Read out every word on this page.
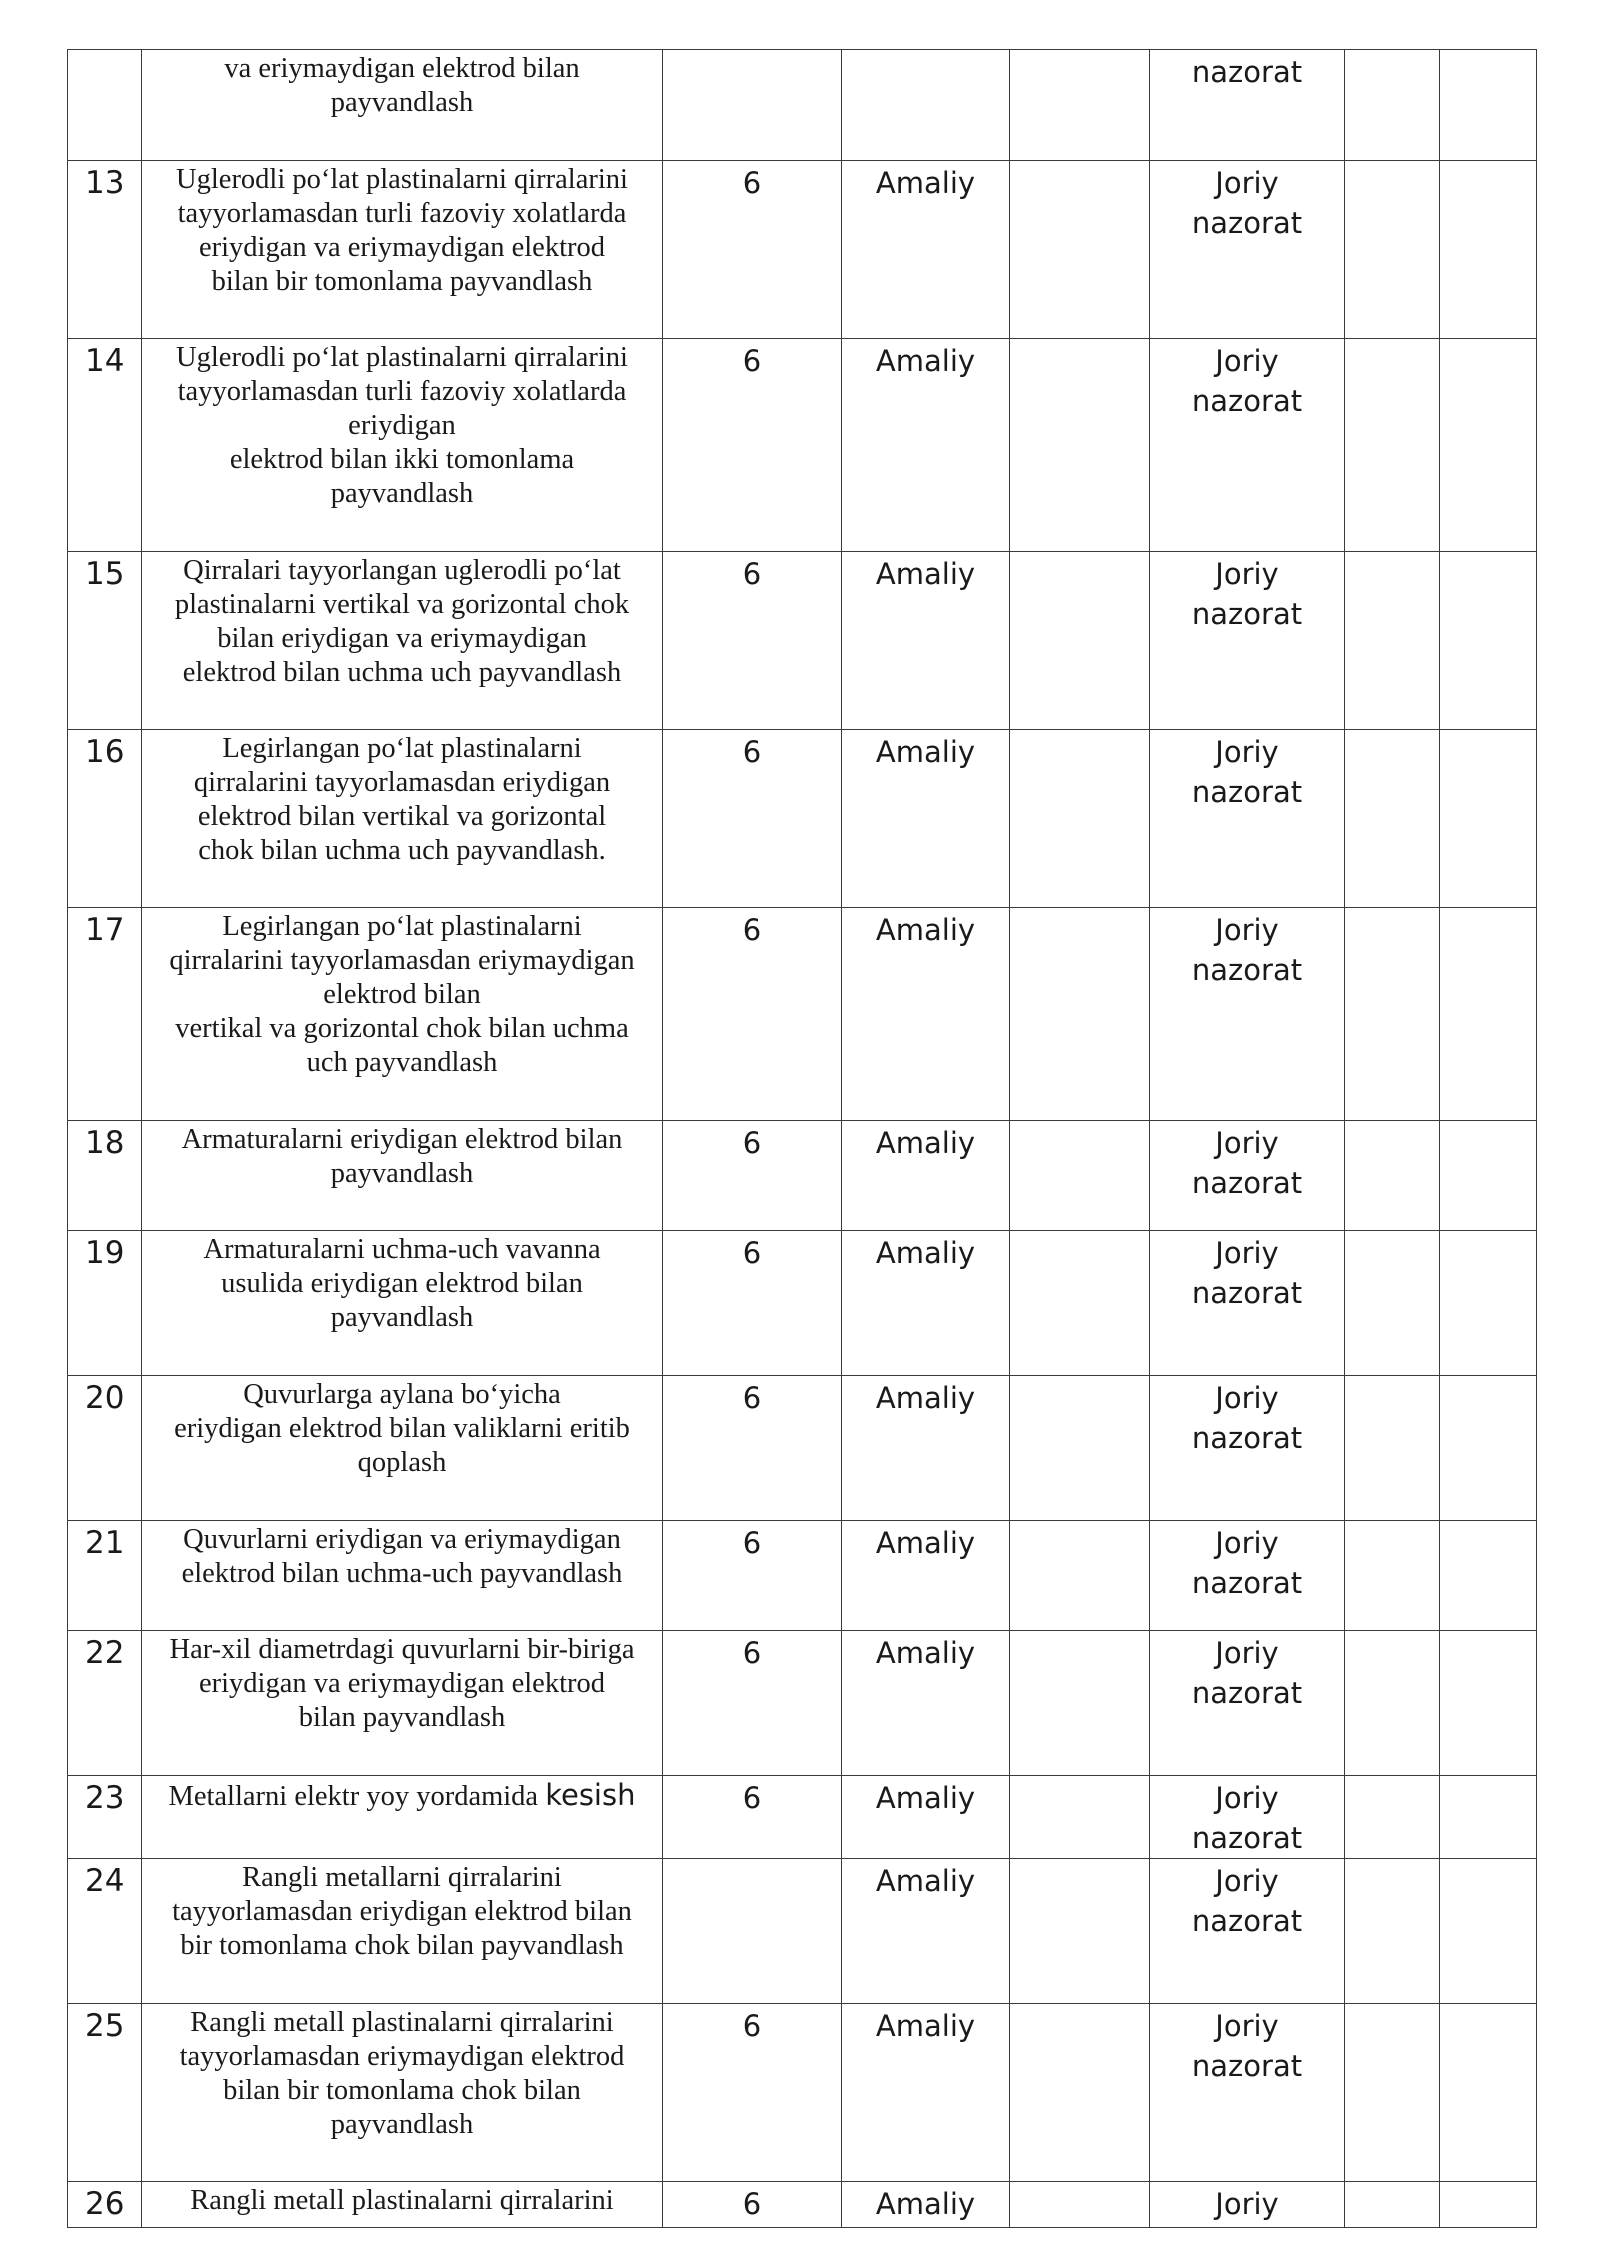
	va eriymaydigan elektrod bilan
payvandlash				nazorat		
13	Uglerodli po‘lat plastinalarni qirralarini
tayyorlamasdan turli fazoviy xolatlarda
eriydigan va eriymaydigan elektrod
bilan bir tomonlama payvandlash	6	Amaliy		Joriy
nazorat		
14	Uglerodli po‘lat plastinalarni qirralarini
tayyorlamasdan turli fazoviy xolatlarda
eriydigan
elektrod bilan ikki tomonlama
payvandlash	6	Amaliy		Joriy
nazorat		
15	Qirralari tayyorlangan uglerodli po‘lat
plastinalarni vertikal va gorizontal chok
bilan eriydigan va eriymaydigan
elektrod bilan uchma uch payvandlash	6	Amaliy		Joriy
nazorat		
16	Legirlangan po‘lat plastinalarni
qirralarini tayyorlamasdan eriydigan
elektrod bilan vertikal va gorizontal
chok bilan uchma uch payvandlash.	6	Amaliy		Joriy
nazorat		
17	Legirlangan po‘lat plastinalarni
qirralarini tayyorlamasdan eriymaydigan
elektrod bilan
vertikal va gorizontal chok bilan uchma
uch payvandlash	6	Amaliy		Joriy
nazorat		
18	Armaturalarni eriydigan elektrod bilan
payvandlash	6	Amaliy		Joriy
nazorat		
19	Armaturalarni uchma-uch vavanna
usulida eriydigan elektrod bilan
payvandlash	6	Amaliy		Joriy
nazorat		
20	Quvurlarga aylana bo‘yicha
eriydigan elektrod bilan valiklarni eritib
qoplash	6	Amaliy		Joriy
nazorat		
21	Quvurlarni eriydigan va eriymaydigan
elektrod bilan uchma-uch payvandlash	6	Amaliy		Joriy
nazorat		
22	Har-xil diametrdagi quvurlarni bir-biriga
eriydigan va eriymaydigan elektrod
bilan payvandlash	6	Amaliy		Joriy
nazorat		
23	Metallarni elektr yoy yordamida kesish	6	Amaliy		Joriy
nazorat		
24	Rangli metallarni qirralarini
tayyorlamasdan eriydigan elektrod bilan
bir tomonlama chok bilan payvandlash		Amaliy		Joriy
nazorat		
25	Rangli metall plastinalarni qirralarini
tayyorlamasdan eriymaydigan elektrod
bilan bir tomonlama chok bilan
payvandlash	6	Amaliy		Joriy
nazorat		
26	Rangli metall plastinalarni qirralarini	6	Amaliy		Joriy		
